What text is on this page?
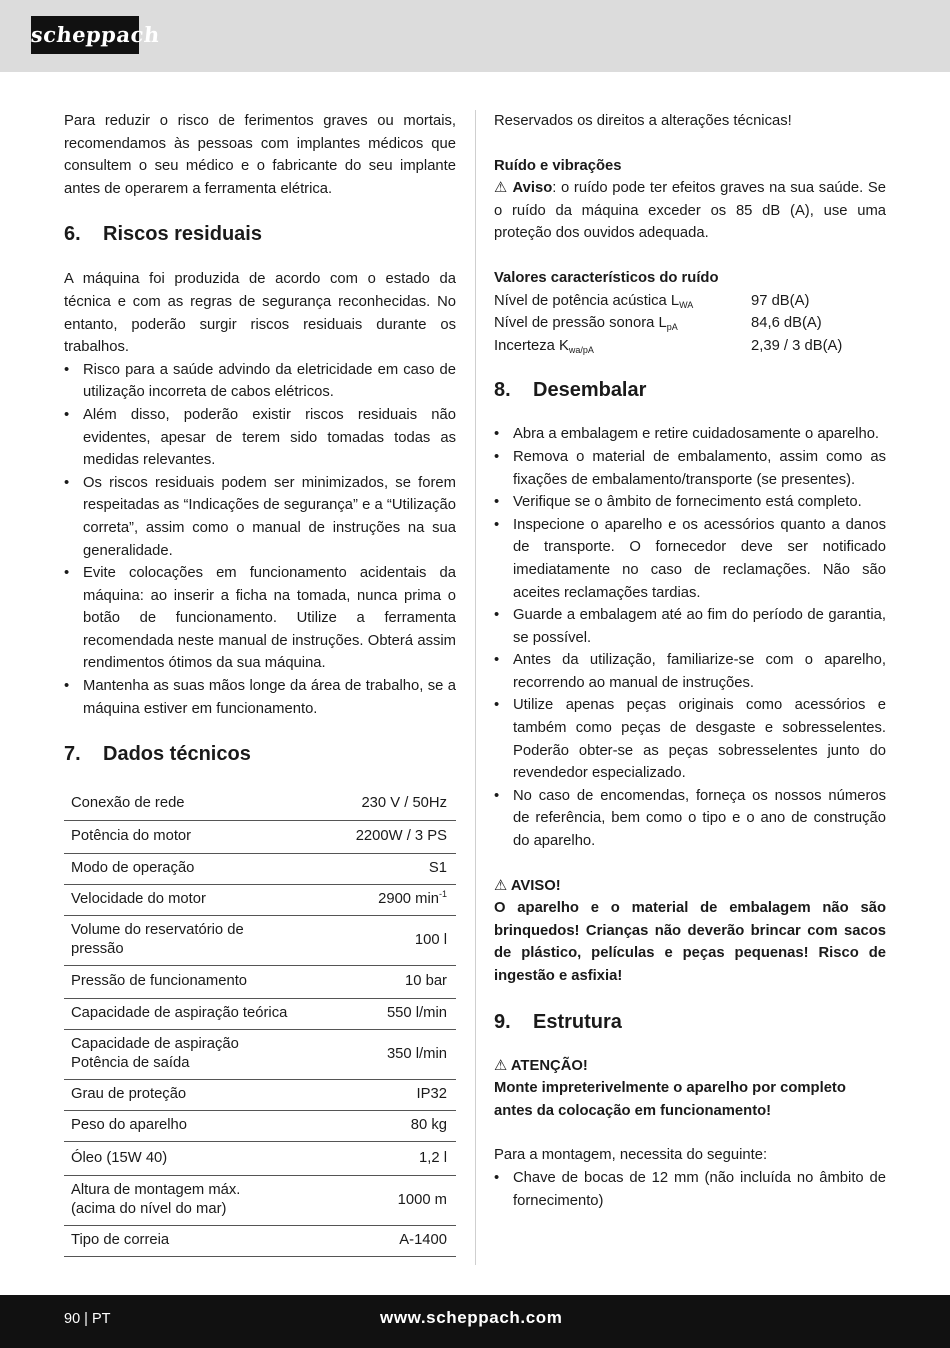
scheppach

Para reduzir o risco de ferimentos graves ou mortais, recomendamos às pessoas com implantes médicos que consultem o seu médico e o fabricante do seu implante antes de operarem a ferramenta elétrica.

6. Riscos residuais

A máquina foi produzida de acordo com o estado da técnica e com as regras de segurança reconhecidas. No entanto, poderão surgir riscos residuais durante os trabalhos.

• Risco para a saúde advindo da eletricidade em caso de utilização incorreta de cabos elétricos.
• Além disso, poderão existir riscos residuais não evidentes, apesar de terem sido tomadas todas as medidas relevantes.
• Os riscos residuais podem ser minimizados, se forem respeitadas as “Indicações de segurança” e a “Utilização correta”, assim como o manual de instruções na sua generalidade.
• Evite colocações em funcionamento acidentais da máquina: ao inserir a ficha na tomada, nunca prima o botão de funcionamento. Utilize a ferramenta recomendada neste manual de instruções. Obterá assim rendimentos ótimos da sua máquina.
• Mantenha as suas mãos longe da área de trabalho, se a máquina estiver em funcionamento.
7. Dados técnicos
Conexão de rede	230 V / 50Hz
Potência do motor	2200W / 3 PS
Modo de operação	S1
Velocidade do motor	2900 $\min^{-1}$
Volume do reservatório de pressão	100 l
Pressão de funcionamento	10 bar
Capacidade de aspiração teórica	550 l/min
Capacidade de aspiração Potência de saída	350 l/min
Grau de proteção	IP32
Peso do aparelho	80 kg
Óleo (15W 40)	1,2 l
Altura de montagem máx. (acima do nível do mar)	1000 m
Tipo de correia	A-1400

Reservados os direitos a alterações técnicas!

Ruído e vibrações

⚠ Aviso: o ruído pode ter efeitos graves na sua saúde. Se o ruído da máquina exceder os 85 dB (A), use uma proteção dos ouvidos adequada.

Valores característicos do ruído

Nível de potência acústica $L_{WA}$	97 dB(A)
Nível de pressão sonora $L_{pA}$	84,6 dB(A)
Incerteza $K_{wa/pA}$	2,39 / 3 dB(A)
8. Desembalar
• Abra a embalagem e retire cuidadosamente o aparelho.
• Remova o material de embalamento, assim como as fixações de embalamento/transporte (se presentes).
• Verifique se o âmbito de fornecimento está completo.
• Inspecione o aparelho e os acessórios quanto a danos de transporte. O fornecedor deve ser notificado imediatamente no caso de reclamações. Não são aceites reclamações tardias.
• Guarde a embalagem até ao fim do período de garantia, se possível.
• Antes da utilização, familiarize-se com o aparelho, recorrendo ao manual de instruções.
• Utilize apenas peças originais como acessórios e também como peças de desgaste e sobresselentes. Poderão obter-se as peças sobresselentes junto do revendedor especializado.
• No caso de encomendas, forneça os nossos números de referência, bem como o tipo e o ano de construção do aparelho.

⚠ AVISO!

O aparelho e o material de embalagem não são brinquedos! Crianças não deverão brincar com sacos de plástico, películas e peças pequenas! Risco de ingestão e asfixia!

9. Estrutura

⚠ ATENÇÃO!

Monte impreterivelmente o aparelho por completo antes da colocação em funcionamento!

Para a montagem, necessita do seguinte:

• Chave de bocas de 12 mm (não incluída no âmbito de fornecimento)
90 | PT	www.scheppach.com
